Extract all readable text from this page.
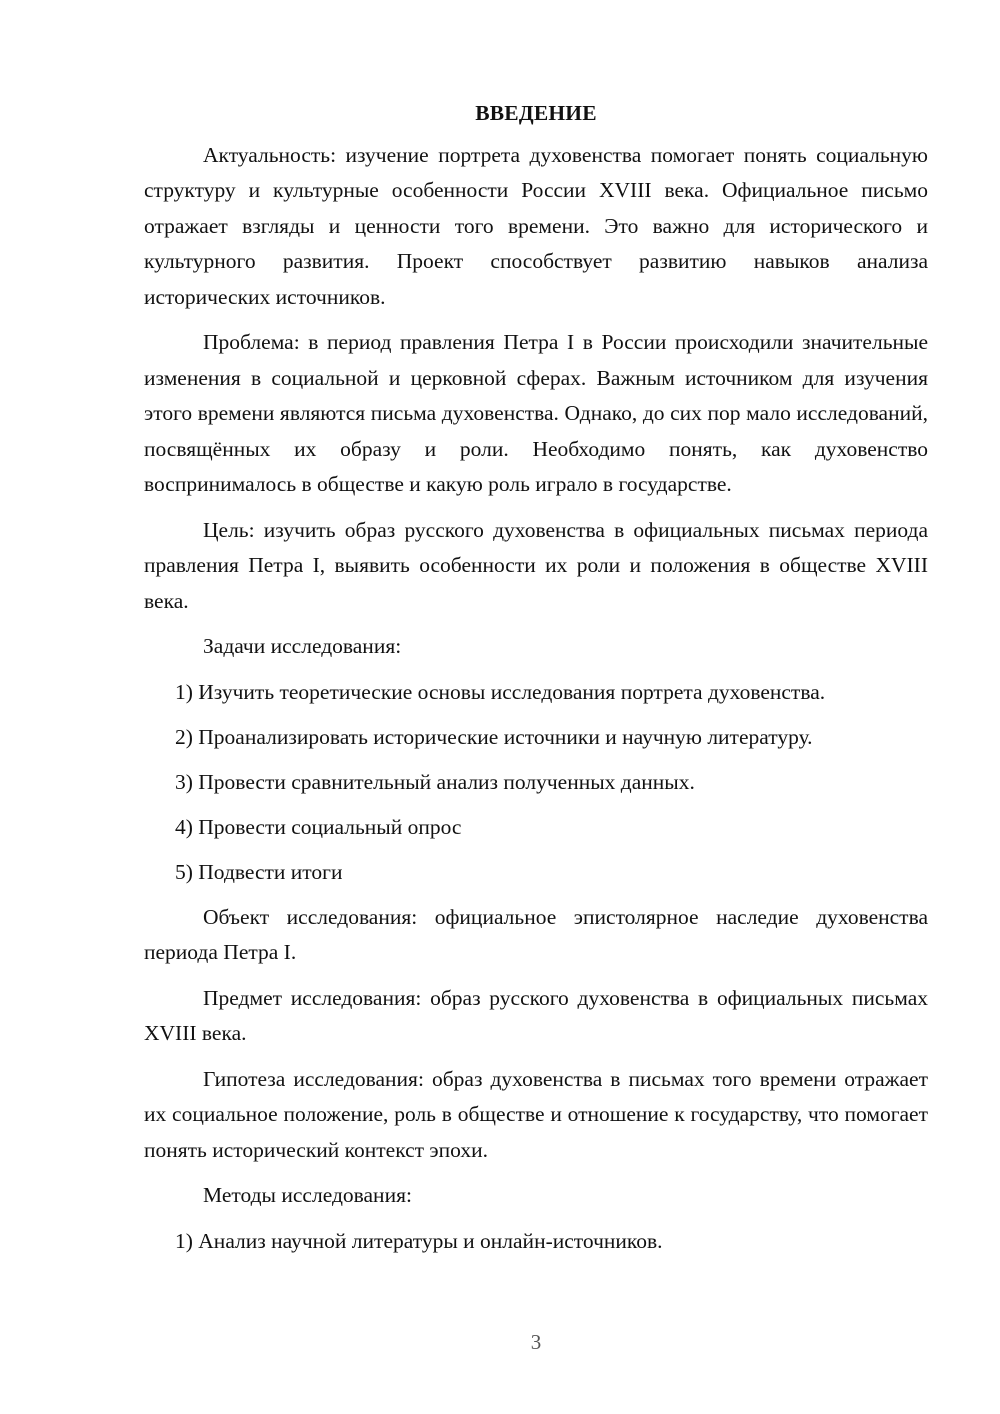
ВВЕДЕНИЕ

Актуальность: изучение портрета духовенства помогает понять социальную структуру и культурные особенности России XVIII века. Официальное письмо отражает взгляды и ценности того времени. Это важно для исторического и культурного развития. Проект способствует развитию навыков анализа исторических источников.

Проблема: в период правления Петра I в России происходили значительные изменения в социальной и церковной сферах. Важным источником для изучения этого времени являются письма духовенства. Однако, до сих пор мало исследований, посвящённых их образу и роли. Необходимо понять, как духовенство воспринималось в обществе и какую роль играло в государстве.

Цель: изучить образ русского духовенства в официальных письмах периода правления Петра I, выявить особенности их роли и положения в обществе XVIII века.

Задачи исследования:

1) Изучить теоретические основы исследования портрета духовенства.

2) Проанализировать исторические источники и научную литературу.

3) Провести сравнительный анализ полученных данных.

4) Провести социальный опрос

5) Подвести итоги

Объект исследования: официальное эпистолярное наследие духовенства периода Петра I.

Предмет исследования: образ русского духовенства в официальных письмах XVIII века.

Гипотеза исследования: образ духовенства в письмах того времени отражает их социальное положение, роль в обществе и отношение к государству, что помогает понять исторический контекст эпохи.

Методы исследования:

1) Анализ научной литературы и онлайн-источников.

3
